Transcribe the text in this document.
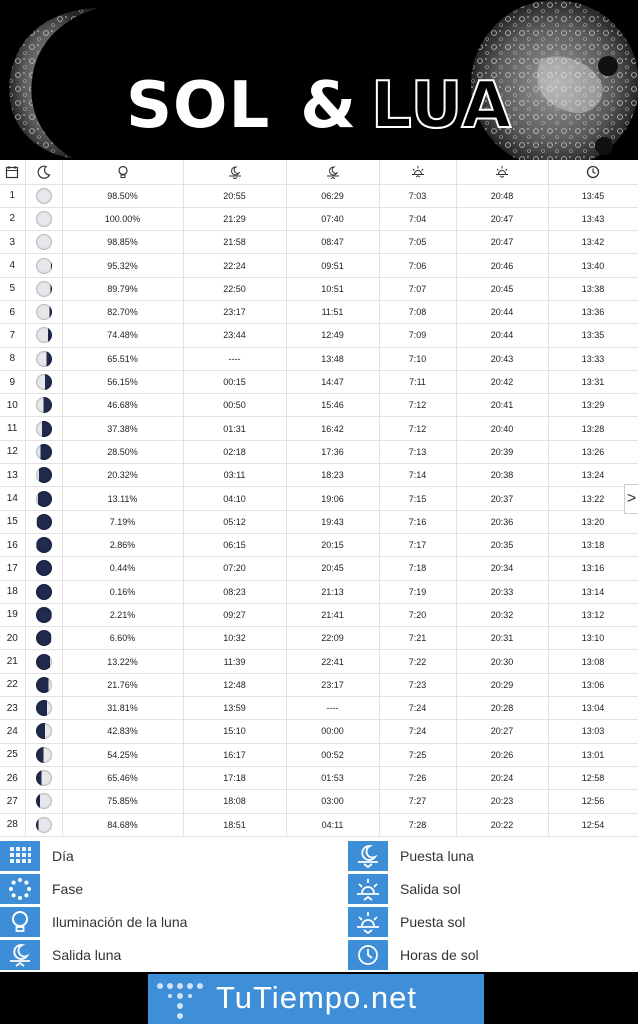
SOL & LUA

1		98.50%	20:55	06:29	7:03	20:48	13:45
2		100.00%	21:29	07:40	7:04	20:47	13:43
3		98.85%	21:58	08:47	7:05	20:47	13:42
4		95.32%	22:24	09:51	7:06	20:46	13:40
5		89.79%	22:50	10:51	7:07	20:45	13:38
6		82.70%	23:17	11:51	7:08	20:44	13:36
7		74.48%	23:44	12:49	7:09	20:44	13:35
8		65.51%	----	13:48	7:10	20:43	13:33
9		56.15%	00:15	14:47	7:11	20:42	13:31
10		46.68%	00:50	15:46	7:12	20:41	13:29
11		37.38%	01:31	16:42	7:12	20:40	13:28
12		28.50%	02:18	17:36	7:13	20:39	13:26
13		20.32%	03:11	18:23	7:14	20:38	13:24
14		13.11%	04:10	19:06	7:15	20:37	13:22
15		7.19%	05:12	19:43	7:16	20:36	13:20
16		2.86%	06:15	20:15	7:17	20:35	13:18
17		0.44%	07:20	20:45	7:18	20:34	13:16
18		0.16%	08:23	21:13	7:19	20:33	13:14
19		2.21%	09:27	21:41	7:20	20:32	13:12
20		6.60%	10:32	22:09	7:21	20:31	13:10
21		13.22%	11:39	22:41	7:22	20:30	13:08
22		21.76%	12:48	23:17	7:23	20:29	13:06
23		31.81%	13:59	----	7:24	20:28	13:04
24		42.83%	15:10	00:00	7:24	20:27	13:03
25		54.25%	16:17	00:52	7:25	20:26	13:01
26		65.46%	17:18	01:53	7:26	20:24	12:58
27		75.85%	18:08	03:00	7:27	20:23	12:56
28		84.68%	18:51	04:11	7:28	20:22	12:54
>
Día
Fase
Iluminación de la luna
Salida luna
Puesta luna
Salida sol
Puesta sol
Horas de sol
TuTiempo.net
